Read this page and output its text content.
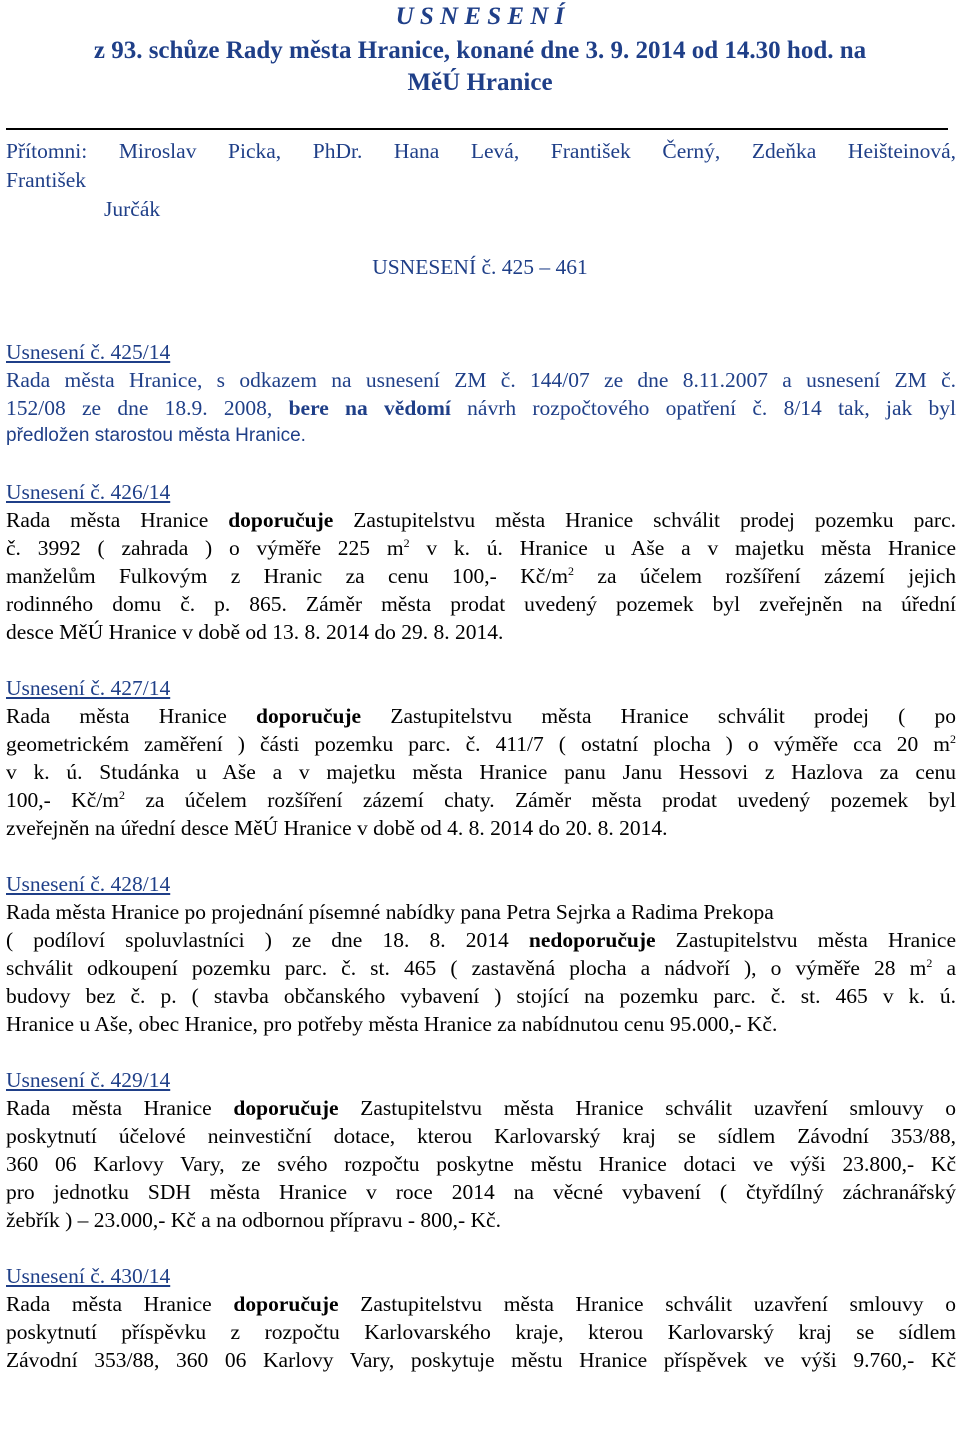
U S N E S E N Í
z 93. schůze Rady města Hranice, konané dne 3. 9. 2014 od 14.30 hod. na
MěÚ Hranice
Přítomni: Miroslav Picka, PhDr. Hana Levá, František Černý, Zdeňka Heišteinová,
František
Jurčák
USNESENÍ č. 425 – 461
Usnesení č. 425/14
Rada města Hranice, s odkazem na usnesení ZM č. 144/07 ze dne 8.11.2007 a usnesení ZM č.
152/08 ze dne 18.9. 2008, bere na vědomí návrh rozpočtového opatření č. 8/14 tak, jak byl
předložen starostou města Hranice.
Usnesení č. 426/14
Rada města Hranice doporučuje Zastupitelstvu města Hranice schválit prodej pozemku parc.
č. 3992 ( zahrada ) o výměře 225 $m^2$ v k. ú. Hranice u Aše a v majetku města Hranice
manželům Fulkovým z Hranic za cenu 100,- $Kč/m^2$ za účelem rozšíření zázemí jejich
rodinného domu č. p. 865. Záměr města prodat uvedený pozemek byl zveřejněn na úřední
desce MěÚ Hranice v době od 13. 8. 2014 do 29. 8. 2014.
Usnesení č. 427/14
Rada města Hranice doporučuje Zastupitelstvu města Hranice schválit prodej ( po
geometrickém zaměření ) části pozemku parc. č. 411/7 ( ostatní plocha ) o výměře cca 20 $m^2$
v k. ú. Studánka u Aše a v majetku města Hranice panu Janu Hessovi z Hazlova za cenu
100,- $Kč/m^2$ za účelem rozšíření zázemí chaty. Záměr města prodat uvedený pozemek byl
zveřejněn na úřední desce MěÚ Hranice v době od 4. 8. 2014 do 20. 8. 2014.
Usnesení č. 428/14
Rada města Hranice po projednání písemné nabídky pana Petra Sejrka a Radima Prekopa
( podíloví spoluvlastníci ) ze dne 18. 8. 2014 nedoporučuje Zastupitelstvu města Hranice
schválit odkoupení pozemku parc. č. st. 465 ( zastavěná plocha a nádvoří ), o výměře 28 $m^2$ a
budovy bez č. p. ( stavba občanského vybavení ) stojící na pozemku parc. č. st. 465 v k. ú.
Hranice u Aše, obec Hranice, pro potřeby města Hranice za nabídnutou cenu 95.000,- Kč.
Usnesení č. 429/14
Rada města Hranice doporučuje Zastupitelstvu města Hranice schválit uzavření smlouvy o
poskytnutí účelové neinvestiční dotace, kterou Karlovarský kraj se sídlem Závodní 353/88,
360 06 Karlovy Vary, ze svého rozpočtu poskytne městu Hranice dotaci ve výši 23.800,- Kč
pro jednotku SDH města Hranice v roce 2014 na věcné vybavení ( čtyřdílný záchranářský
žebřík ) – 23.000,- Kč a na odbornou přípravu - 800,- Kč.
Usnesení č. 430/14
Rada města Hranice doporučuje Zastupitelstvu města Hranice schválit uzavření smlouvy o
poskytnutí příspěvku z rozpočtu Karlovarského kraje, kterou Karlovarský kraj se sídlem
Závodní 353/88, 360 06 Karlovy Vary, poskytuje městu Hranice příspěvek ve výši 9.760,- Kč
